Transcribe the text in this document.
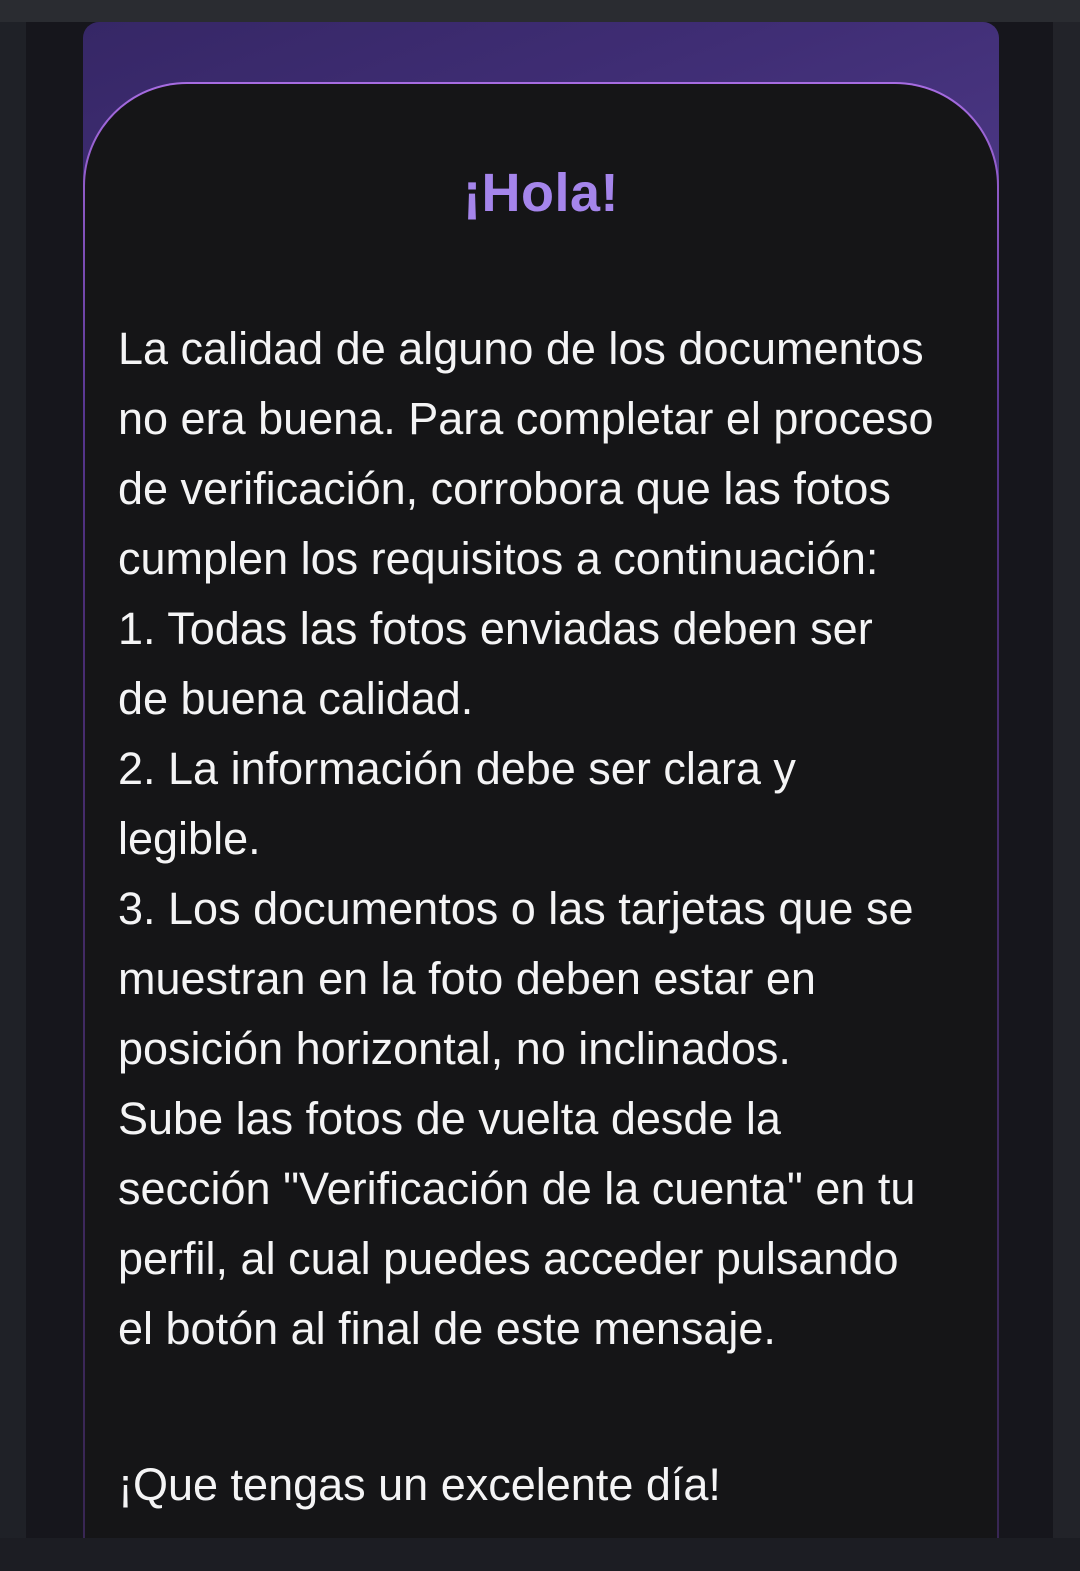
¡Hola!
La calidad de alguno de los documentos
no era buena. Para completar el proceso
de verificación, corrobora que las fotos
cumplen los requisitos a continuación:
1. Todas las fotos enviadas deben ser
de buena calidad.
2. La información debe ser clara y
legible.
3. Los documentos o las tarjetas que se
muestran en la foto deben estar en
posición horizontal, no inclinados.
Sube las fotos de vuelta desde la
sección "Verificación de la cuenta" en tu
perfil, al cual puedes acceder pulsando
el botón al final de este mensaje.
¡Que tengas un excelente día!
